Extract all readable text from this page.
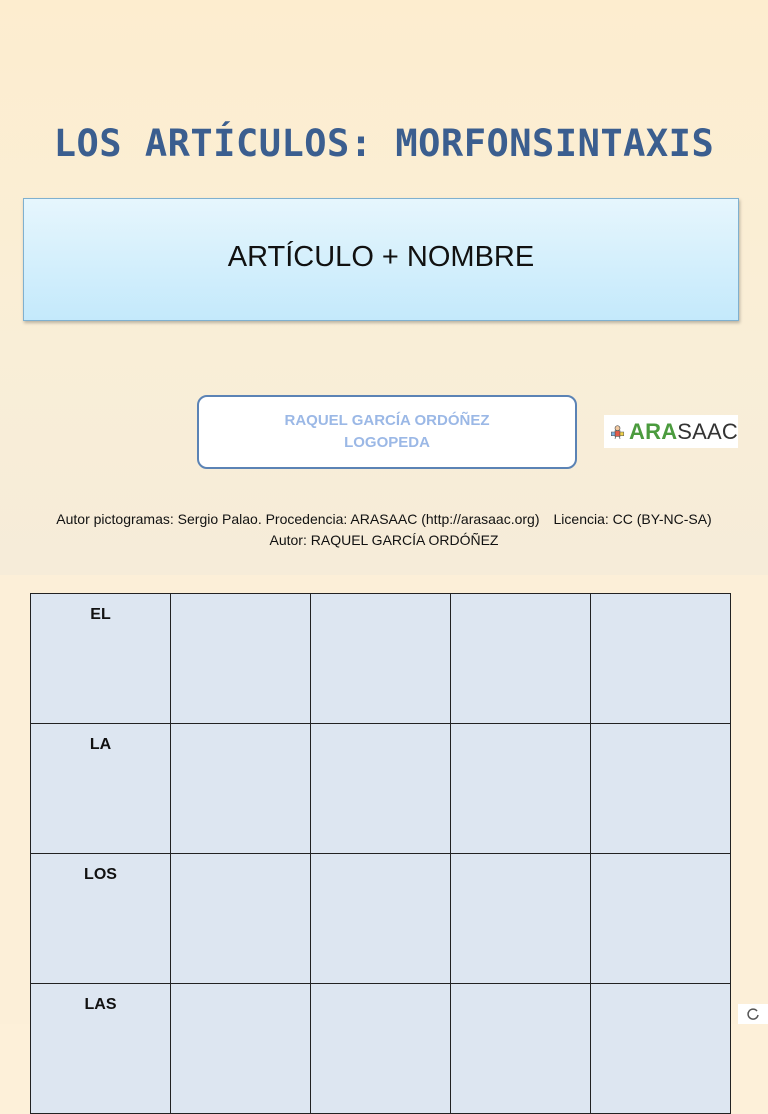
LOS ARTÍCULOS: MORFONSINTAXIS
ARTÍCULO + NOMBRE
RAQUEL GARCÍA ORDÓÑEZ
LOGOPEDA	ARASAAC
Autor pictogramas: Sergio Palao. Procedencia: ARASAAC (http://arasaac.org) Licencia: CC (BY-NC-SA)
Autor: RAQUEL GARCÍA ORDÓÑEZ
EL				
LA				
LOS				
LAS				
